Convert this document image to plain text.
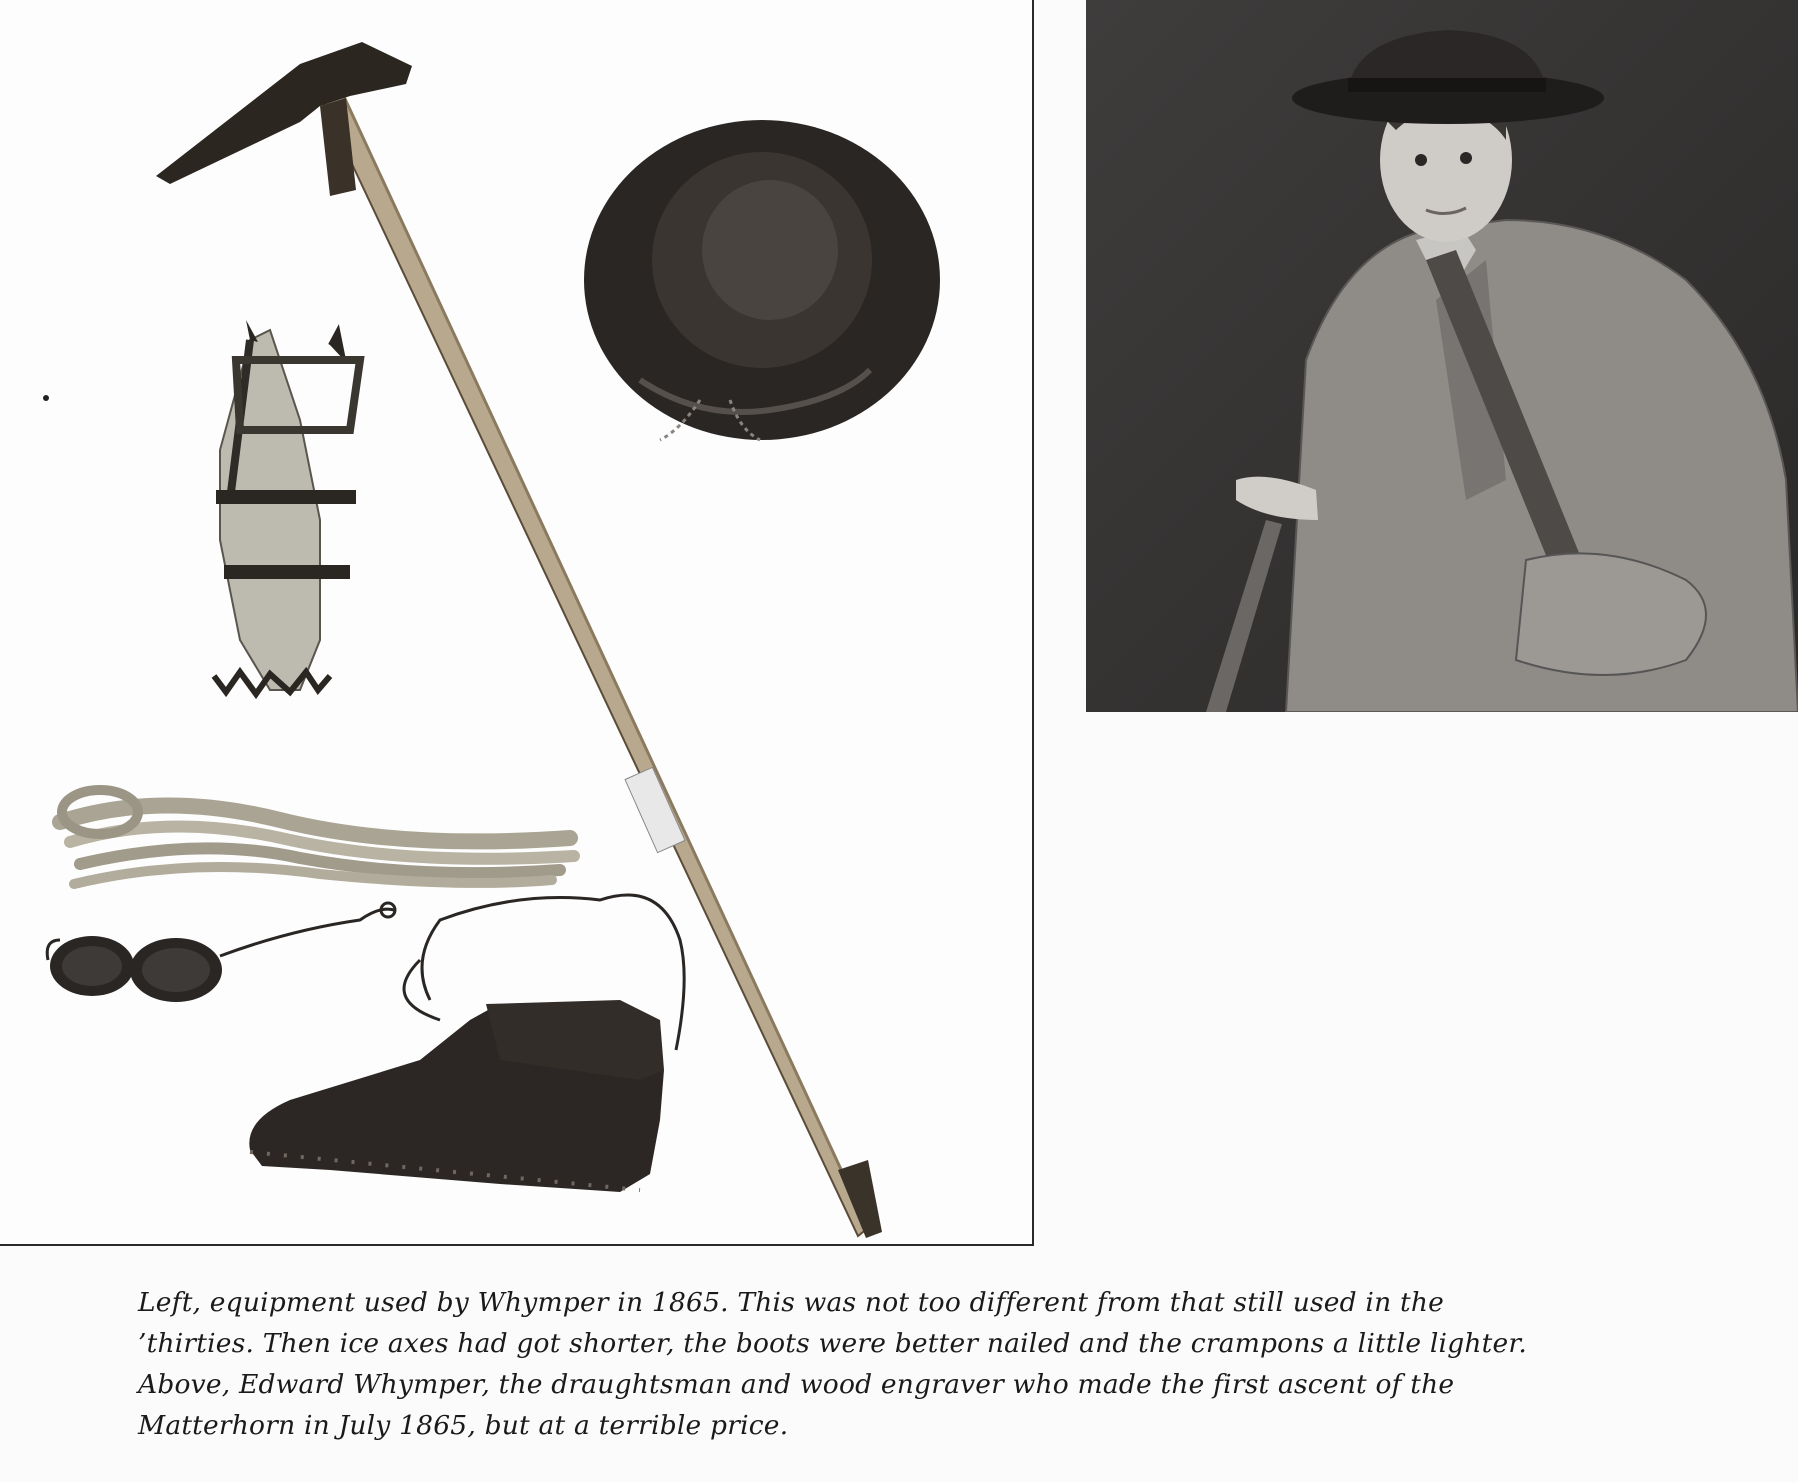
Left, equipment used by Whymper in 1865. This was not too different from that still used in the
’thirties. Then ice axes had got shorter, the boots were better nailed and the crampons a little lighter.
Above, Edward Whymper, the draughtsman and wood engraver who made the first ascent of the
Matterhorn in July 1865, but at a terrible price.
